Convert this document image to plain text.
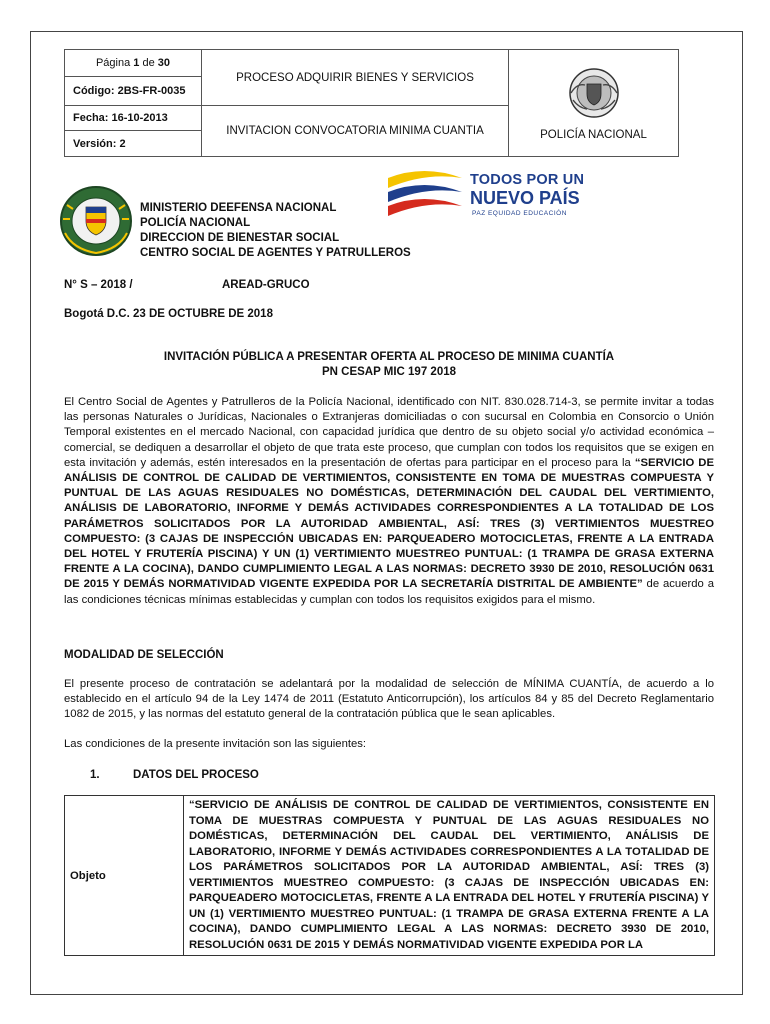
Página 1 de 30	PROCESO ADQUIRIR BIENES Y SERVICIOS	POLICÍA NACIONAL

Código: 2BS-FR-0035		
Fecha: 16-10-2013	INVITACION CONVOCATORIA MINIMA CUANTIA	
Versión: 2		
MINISTERIO DEEFENSA NACIONAL
POLICÍA NACIONAL
DIRECCION DE BIENESTAR SOCIAL
CENTRO SOCIAL DE AGENTES Y PATRULLEROS
TODOS POR UN
NUEVO PAÍS
PAZ EQUIDAD EDUCACIÓN
N° S – 2018 /	AREAD-GRUCO
Bogotá D.C. 23 DE OCTUBRE DE 2018
INVITACIÓN PÚBLICA A PRESENTAR OFERTA AL PROCESO DE MINIMA CUANTÍA
PN CESAP MIC 197 2018
El Centro Social de Agentes y Patrulleros de la Policía Nacional, identificado con NIT. 830.028.714-3, se permite invitar a todas las personas Naturales o Jurídicas, Nacionales o Extranjeras domiciliadas o con sucursal en Colombia en Consorcio o Unión Temporal existentes en el mercado Nacional, con capacidad jurídica que dentro de su objeto social y/o actividad económica – comercial, se dediquen a desarrollar el objeto de que trata este proceso, que cumplan con todos los requisitos que se exigen en esta invitación y además, estén interesados en la presentación de ofertas para participar en el proceso para la “SERVICIO DE ANÁLISIS DE CONTROL DE CALIDAD DE VERTIMIENTOS, CONSISTENTE EN TOMA DE MUESTRAS COMPUESTA Y PUNTUAL DE LAS AGUAS RESIDUALES NO DOMÉSTICAS, DETERMINACIÓN DEL CAUDAL DEL VERTIMIENTO, ANÁLISIS DE LABORATORIO, INFORME Y DEMÁS ACTIVIDADES CORRESPONDIENTES A LA TOTALIDAD DE LOS PARÁMETROS SOLICITADOS POR LA AUTORIDAD AMBIENTAL, ASÍ: TRES (3) VERTIMIENTOS MUESTREO COMPUESTO: (3 CAJAS DE INSPECCIÓN UBICADAS EN: PARQUEADERO MOTOCICLETAS, FRENTE A LA ENTRADA DEL HOTEL Y FRUTERÍA PISCINA) Y UN (1) VERTIMIENTO MUESTREO PUNTUAL: (1 TRAMPA DE GRASA EXTERNA FRENTE A LA COCINA), DANDO CUMPLIMIENTO LEGAL A LAS NORMAS: DECRETO 3930 DE 2010, RESOLUCIÓN 0631 DE 2015 Y DEMÁS NORMATIVIDAD VIGENTE EXPEDIDA POR LA SECRETARÍA DISTRITAL DE AMBIENTE” de acuerdo a las condiciones técnicas mínimas establecidas y cumplan con todos los requisitos exigidos para el mismo.
MODALIDAD DE SELECCIÓN
El presente proceso de contratación se adelantará por la modalidad de selección de MÍNIMA CUANTÍA, de acuerdo a lo establecido en el artículo 94 de la Ley 1474 de 2011 (Estatuto Anticorrupción), los artículos 84 y 85 del Decreto Reglamentario 1082 de 2015, y las normas del estatuto general de la contratación pública que le sean aplicables.
Las condiciones de la presente invitación son las siguientes:
1.	DATOS DEL PROCESO
Objeto	“SERVICIO DE ANÁLISIS DE CONTROL DE CALIDAD DE VERTIMIENTOS, CONSISTENTE EN TOMA DE MUESTRAS COMPUESTA Y PUNTUAL DE LAS AGUAS RESIDUALES NO DOMÉSTICAS, DETERMINACIÓN DEL CAUDAL DEL VERTIMIENTO, ANÁLISIS DE LABORATORIO, INFORME Y DEMÁS ACTIVIDADES CORRESPONDIENTES A LA TOTALIDAD DE LOS PARÁMETROS SOLICITADOS POR LA AUTORIDAD AMBIENTAL, ASÍ: TRES (3) VERTIMIENTOS MUESTREO COMPUESTO: (3 CAJAS DE INSPECCIÓN UBICADAS EN: PARQUEADERO MOTOCICLETAS, FRENTE A LA ENTRADA DEL HOTEL Y FRUTERÍA PISCINA) Y UN (1) VERTIMIENTO MUESTREO PUNTUAL: (1 TRAMPA DE GRASA EXTERNA FRENTE A LA COCINA), DANDO CUMPLIMIENTO LEGAL A LAS NORMAS: DECRETO 3930 DE 2010, RESOLUCIÓN 0631 DE 2015 Y DEMÁS NORMATIVIDAD VIGENTE EXPEDIDA POR LA
